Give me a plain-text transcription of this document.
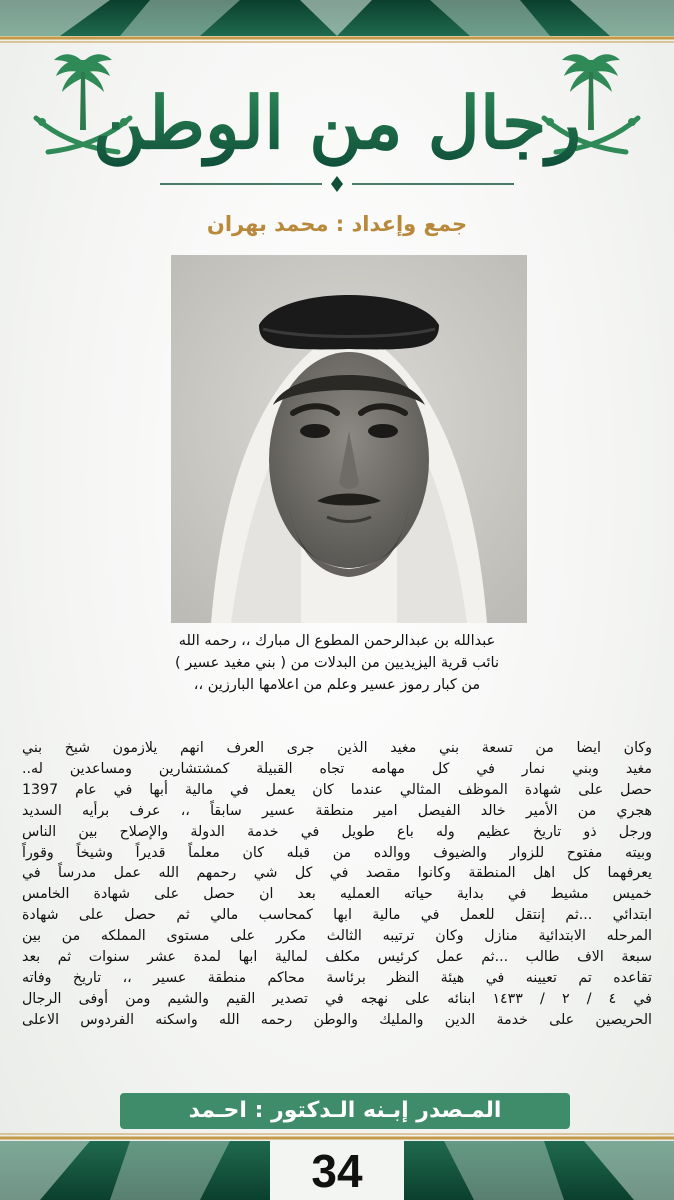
رجال من الوطن
جمع وإعداد : محمد بهران
عبدالله بن عبدالرحمن المطوع ال مبارك ،، رحمه الله
نائب قرية اليزيديين من البدلات من ( بني مغيد عسير )
من كبار رموز عسير وعلم من اعلامها البارزين ،،
وكان ايضا من تسعة بني مغيد الذين جرى العرف انهم يلازمون شيخ بني
مغيد وبني نمار في كل مهامه تجاه القبيلة كمشتشارين ومساعدين له..
حصل على شهادة الموظف المثالي عندما كان يعمل في مالية أبها في عام 1397
هجري من الأمير خالد الفيصل امير منطقة عسير سابقاً ،، عرف برأيه السديد
ورجل ذو تاريخ عظيم وله باع طويل في خدمة الدولة والإصلاح بين الناس
وبيته مفتوح للزوار والضيوف ووالده من قبله كان معلماً قديراً وشيخاً وقوراً
يعرفهما كل اهل المنطقة وكانوا مقصد في كل شي رحمهم الله عمل مدرساً في
خميس مشيط في بداية حياته العمليه بعد ان حصل على شهادة الخامس
ابتدائي ...ثم إنتقل للعمل في مالية ابها كمحاسب مالي ثم حصل على شهادة
المرحله الابتدائية منازل وكان ترتيبه الثالث مكرر على مستوى المملكه من بين
سبعة الاف طالب ...ثم عمل كرئيس مكلف لمالية ابها لمدة عشر سنوات ثم بعد
تقاعده تم تعيينه في هيئة النظر برئاسة محاكم منطقة عسير ،، تاريخ وفاته
في ٤ / ٢ / ١٤٣٣ ابنائه على نهجه في تصدير القيم والشيم ومن أوفى الرجال
الحريصين على خدمة الدين والمليك والوطن رحمه الله واسكنه الفردوس الاعلى
المـصدر إبـنه الـدكتور : احـمد
34
